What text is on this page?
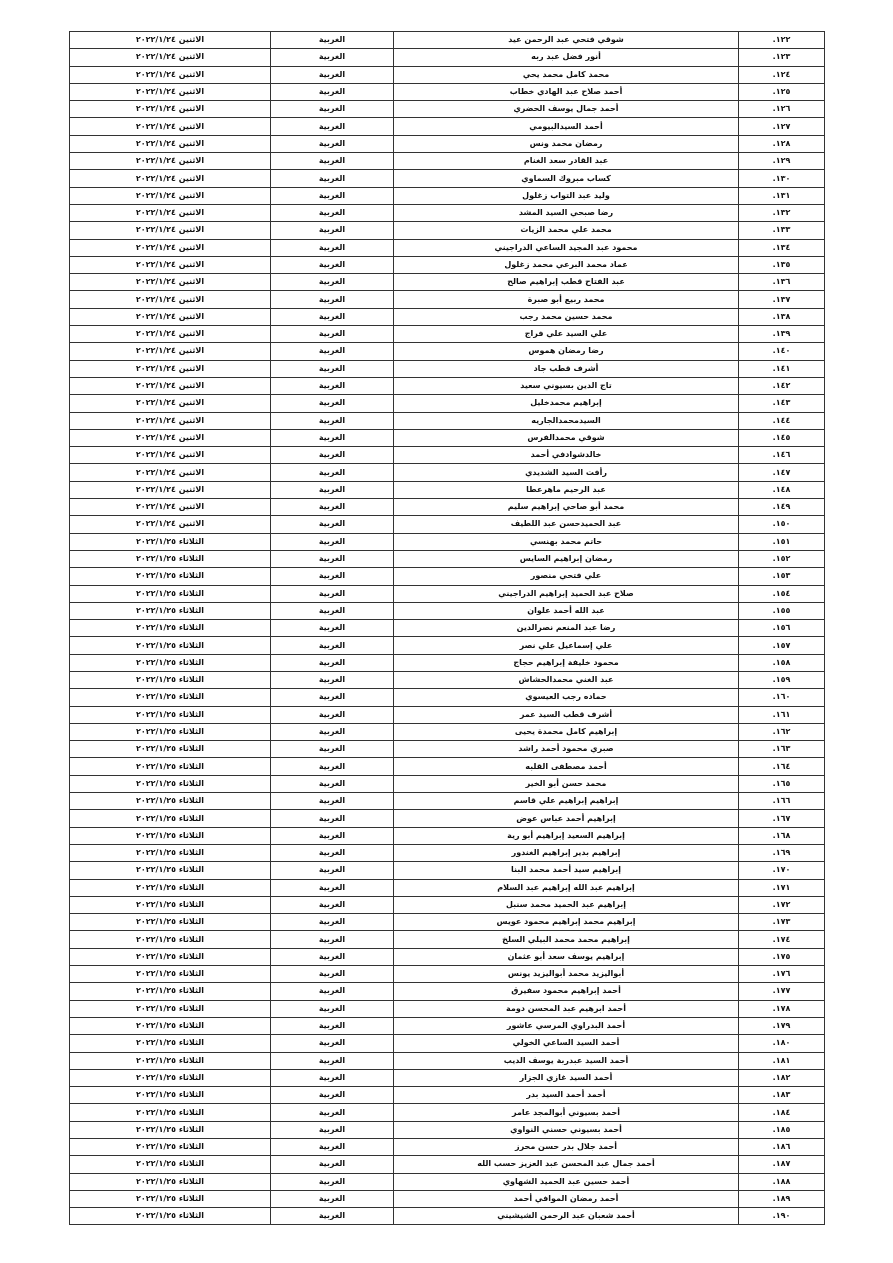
١٢٢.	شوقي فتحي عبد الرحمن عيد	الغربية	الاثنين ٢٠٢٢/١/٢٤
١٢٣.	أنور فضل عبد ربه	الغربية	الاثنين ٢٠٢٢/١/٢٤
١٢٤.	محمد كامل محمد يحي	الغربية	الاثنين ٢٠٢٢/١/٢٤
١٢٥.	أحمد صلاح عبد الهادي خطاب	الغربية	الاثنين ٢٠٢٢/١/٢٤
١٢٦.	أحمد جمال يوسف الحضري	الغربية	الاثنين ٢٠٢٢/١/٢٤
١٢٧.	أحمد السيدالبيومي	الغربية	الاثنين ٢٠٢٢/١/٢٤
١٢٨.	رمضان محمد ونس	الغربية	الاثنين ٢٠٢٢/١/٢٤
١٢٩.	عبد القادر سعد الغنام	الغربية	الاثنين ٢٠٢٢/١/٢٤
١٣٠.	كساب مبروك السماوي	الغربية	الاثنين ٢٠٢٢/١/٢٤
١٣١.	وليد عبد التواب زغلول	الغربية	الاثنين ٢٠٢٢/١/٢٤
١٣٢.	رضا صبحي السيد المشد	الغربية	الاثنين ٢٠٢٢/١/٢٤
١٣٣.	محمد علي محمد الزيات	الغربية	الاثنين ٢٠٢٢/١/٢٤
١٣٤.	محمود عبد المجيد الساعي الدراجيني	الغربية	الاثنين ٢٠٢٢/١/٢٤
١٣٥.	عماد محمد البرعي محمد زغلول	الغربية	الاثنين ٢٠٢٢/١/٢٤
١٣٦.	عبد الفتاح قطب إبراهيم صالح	الغربية	الاثنين ٢٠٢٢/١/٢٤
١٣٧.	محمد ربيع أبو صبرة	الغربية	الاثنين ٢٠٢٢/١/٢٤
١٣٨.	محمد حسين محمد رجب	الغربية	الاثنين ٢٠٢٢/١/٢٤
١٣٩.	علي السيد علي فراج	الغربية	الاثنين ٢٠٢٢/١/٢٤
١٤٠.	رضا رمضان هموس	الغربية	الاثنين ٢٠٢٢/١/٢٤
١٤١.	أشرف قطب جاد	الغربية	الاثنين ٢٠٢٢/١/٢٤
١٤٢.	تاج الدين بسيوني سعيد	الغربية	الاثنين ٢٠٢٢/١/٢٤
١٤٣.	إبراهيم محمدخليل	الغربية	الاثنين ٢٠٢٢/١/٢٤
١٤٤.	السيدمحمدالجاريه	الغربية	الاثنين ٢٠٢٢/١/٢٤
١٤٥.	شوقي محمدالفرس	الغربية	الاثنين ٢٠٢٢/١/٢٤
١٤٦.	خالدشوادفي أحمد	الغربية	الاثنين ٢٠٢٢/١/٢٤
١٤٧.	رأفت السيد الشديدي	الغربية	الاثنين ٢٠٢٢/١/٢٤
١٤٨.	عبد الرحيم ماهرعطا	الغربية	الاثنين ٢٠٢٢/١/٢٤
١٤٩.	محمد أبو صاحي إبراهيم سليم	الغربية	الاثنين ٢٠٢٢/١/٢٤
١٥٠.	عبد الحميدحسن عبد اللطيف	الغربية	الاثنين ٢٠٢٢/١/٢٤
١٥١.	حاتم محمد بهنسي	الغربية	الثلاثاء ٢٠٢٢/١/٢٥
١٥٢.	رمضان إبراهيم السايس	الغربية	الثلاثاء ٢٠٢٢/١/٢٥
١٥٣.	علي فتحي منصور	الغربية	الثلاثاء ٢٠٢٢/١/٢٥
١٥٤.	صلاح عبد الحميد إبراهيم الدراجيني	الغربية	الثلاثاء ٢٠٢٢/١/٢٥
١٥٥.	عبد الله أحمد علوان	الغربية	الثلاثاء ٢٠٢٢/١/٢٥
١٥٦.	رضا عبد المنعم نصرالدين	الغربية	الثلاثاء ٢٠٢٢/١/٢٥
١٥٧.	علي إسماعيل علي نصر	الغربية	الثلاثاء ٢٠٢٢/١/٢٥
١٥٨.	محمود خليفة إبراهيم حجاج	الغربية	الثلاثاء ٢٠٢٢/١/٢٥
١٥٩.	عبد الغني محمدالحشاش	الغربية	الثلاثاء ٢٠٢٢/١/٢٥
١٦٠.	حماده رجب العيسوي	الغربية	الثلاثاء ٢٠٢٢/١/٢٥
١٦١.	أشرف قطب السيد عمر	الغربية	الثلاثاء ٢٠٢٢/١/٢٥
١٦٢.	إبراهيم كامل محمدة يحيى	الغربية	الثلاثاء ٢٠٢٢/١/٢٥
١٦٣.	صبري محمود أحمد راشد	الغربية	الثلاثاء ٢٠٢٢/١/٢٥
١٦٤.	أحمد مصطفى القلبه	الغربية	الثلاثاء ٢٠٢٢/١/٢٥
١٦٥.	محمد حسن أبو الخير	الغربية	الثلاثاء ٢٠٢٢/١/٢٥
١٦٦.	إبراهيم إبراهيم علي قاسم	الغربية	الثلاثاء ٢٠٢٢/١/٢٥
١٦٧.	إبراهيم أحمد عباس عوض	الغربية	الثلاثاء ٢٠٢٢/١/٢٥
١٦٨.	إبراهيم السعيد إبراهيم أبو رية	الغربية	الثلاثاء ٢٠٢٢/١/٢٥
١٦٩.	إبراهيم بدير إبراهيم الغندور	الغربية	الثلاثاء ٢٠٢٢/١/٢٥
١٧٠.	إبراهيم سيد أحمد محمد البنا	الغربية	الثلاثاء ٢٠٢٢/١/٢٥
١٧١.	إبراهيم عبد الله إبراهيم عبد السلام	الغربية	الثلاثاء ٢٠٢٢/١/٢٥
١٧٢.	إبراهيم عبد الحميد محمد سنبل	الغربية	الثلاثاء ٢٠٢٢/١/٢٥
١٧٣.	إبراهيم محمد إبراهيم محمود عويس	الغربية	الثلاثاء ٢٠٢٢/١/٢٥
١٧٤.	إبراهيم محمد محمد البيلي السلخ	الغربية	الثلاثاء ٢٠٢٢/١/٢٥
١٧٥.	إبراهيم يوسف سعد أبو عثمان	الغربية	الثلاثاء ٢٠٢٢/١/٢٥
١٧٦.	أبواليزيد محمد أبواليزيد يونس	الغربية	الثلاثاء ٢٠٢٢/١/٢٥
١٧٧.	أحمد إبراهيم محمود سفيرق	الغربية	الثلاثاء ٢٠٢٢/١/٢٥
١٧٨.	أحمد ابرهيم عبد المحسن دومة	الغربية	الثلاثاء ٢٠٢٢/١/٢٥
١٧٩.	أحمد البدراوي المرسي عاشور	الغربية	الثلاثاء ٢٠٢٢/١/٢٥
١٨٠.	أحمد السيد الساعي الخولي	الغربية	الثلاثاء ٢٠٢٢/١/٢٥
١٨١.	أحمد السيد عبدربة يوسف الديب	الغربية	الثلاثاء ٢٠٢٢/١/٢٥
١٨٢.	أحمد السيد غازي الجزار	الغربية	الثلاثاء ٢٠٢٢/١/٢٥
١٨٣.	أحمد أحمد السيد بدر	الغربية	الثلاثاء ٢٠٢٢/١/٢٥
١٨٤.	أحمد بسيوني أبوالمجد عامر	الغربية	الثلاثاء ٢٠٢٢/١/٢٥
١٨٥.	أحمد بسيوني حسني النواوي	الغربية	الثلاثاء ٢٠٢٢/١/٢٥
١٨٦.	أحمد جلال بدر حسن محرز	الغربية	الثلاثاء ٢٠٢٢/١/٢٥
١٨٧.	أحمد جمال عبد المحسن عبد العزيز حسب الله	الغربية	الثلاثاء ٢٠٢٢/١/٢٥
١٨٨.	أحمد حسين عبد الحميد الشهاوي	الغربية	الثلاثاء ٢٠٢٢/١/٢٥
١٨٩.	أحمد رمضان الموافي أحمد	الغربية	الثلاثاء ٢٠٢٢/١/٢٥
١٩٠.	أحمد شعبان عبد الرحمن الشيشيني	الغربية	الثلاثاء ٢٠٢٢/١/٢٥
